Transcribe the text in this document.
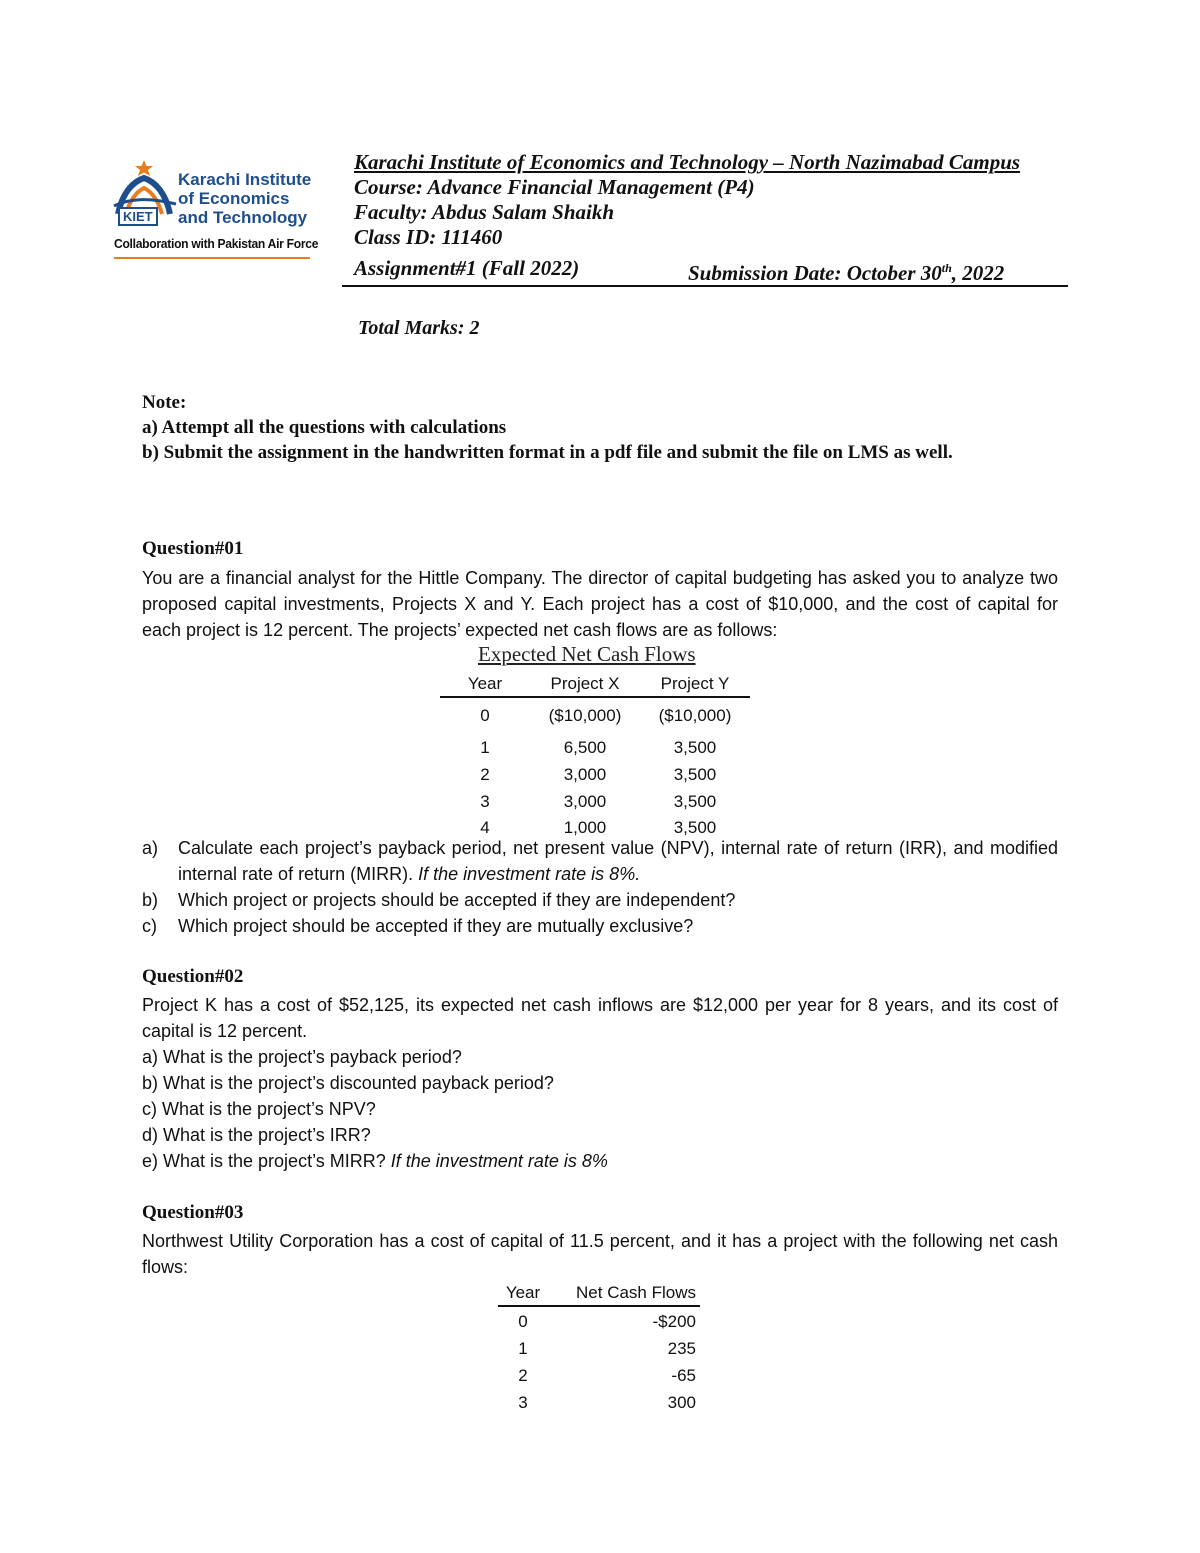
KIET
Karachi Institute
of Economics
and Technology
Collaboration with Pakistan Air Force
Karachi Institute of Economics and Technology – North Nazimabad Campus
Course: Advance Financial Management (P4)
Faculty: Abdus Salam Shaikh
Class ID: 111460
Assignment#1 (Fall 2022)	Submission Date: October 30th, 2022
Total Marks: 2
Note:
a) Attempt all the questions with calculations
b) Submit the assignment in the handwritten format in a pdf file and submit the file on LMS as well.
Question#01
You are a financial analyst for the Hittle Company. The director of capital budgeting has asked you to analyze two proposed capital investments, Projects X and Y. Each project has a cost of $10,000, and the cost of capital for each project is 12 percent. The projects’ expected net cash flows are as follows:
Expected Net Cash Flows
Year	Project X	Project Y
0	($10,000)	($10,000)
1	6,500	3,500
2	3,000	3,500
3	3,000	3,500
4	1,000	3,500
a)	Calculate each project’s payback period, net present value (NPV), internal rate of return (IRR), and modified internal rate of return (MIRR). If the investment rate is 8%.
b)	Which project or projects should be accepted if they are independent?
c)	Which project should be accepted if they are mutually exclusive?
Question#02
Project K has a cost of $52,125, its expected net cash inflows are $12,000 per year for 8 years, and its cost of capital is 12 percent.
a) What is the project’s payback period?
b) What is the project’s discounted payback period?
c) What is the project’s NPV?
d) What is the project’s IRR?
e) What is the project’s MIRR? If the investment rate is 8%
Question#03
Northwest Utility Corporation has a cost of capital of 11.5 percent, and it has a project with the following net cash flows:
Year	Net Cash Flows
0	-$200
1	235
2	-65
3	300
